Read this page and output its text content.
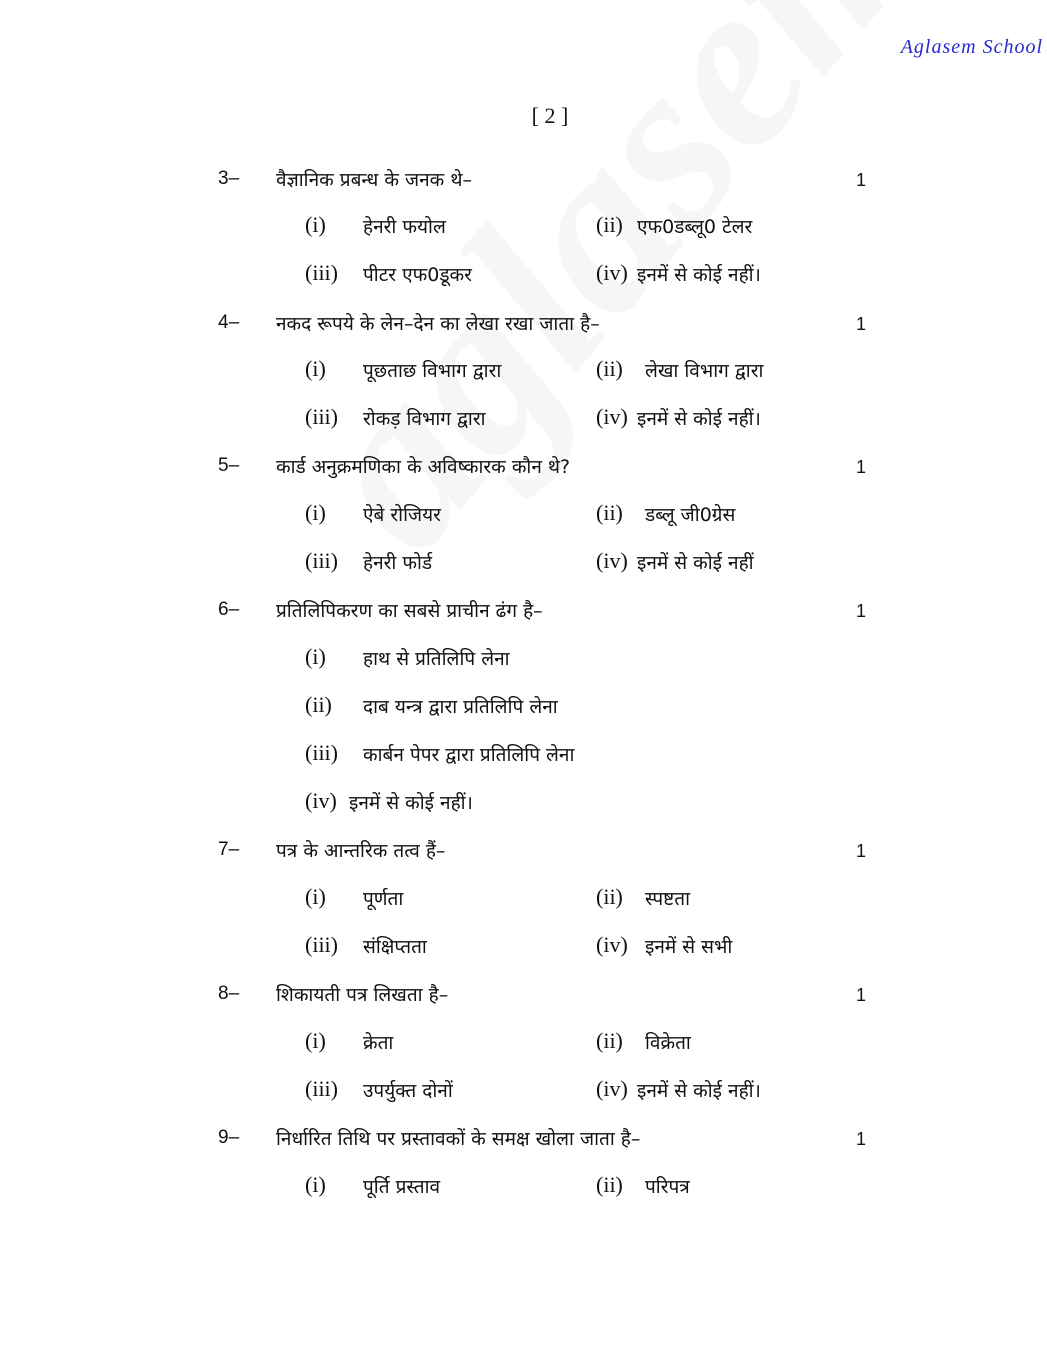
Aglasem School
[ 2 ]
3– वैज्ञानिक प्रबन्ध के जनक थे–	1
(i) हेनरी फयोल	(ii) एफ0डब्लू0 टेलर
(iii) पीटर एफ0डूकर	(iv) इनमें से कोई नहीं।
4– नकद रूपये के लेन–देन का लेखा रखा जाता है–	1
(i) पूछताछ विभाग द्वारा	(ii) लेखा विभाग द्वारा
(iii) रोकड़ विभाग द्वारा	(iv) इनमें से कोई नहीं।
5– कार्ड अनुक्रमणिका के अविष्कारक कौन थे?	1
(i) ऐबे रोजियर	(ii) डब्लू जी0ग्रेस
(iii) हेनरी फोर्ड	(iv) इनमें से कोई नहीं
6– प्रतिलिपिकरण का सबसे प्राचीन ढंग है–	1
(i) हाथ से प्रतिलिपि लेना
(ii) दाब यन्त्र द्वारा प्रतिलिपि लेना
(iii) कार्बन पेपर द्वारा प्रतिलिपि लेना
(iv) इनमें से कोई नहीं।
7– पत्र के आन्तरिक तत्व हैं–	1
(i) पूर्णता	(ii) स्पष्टता
(iii) संक्षिप्तता	(iv) इनमें से सभी
8– शिकायती पत्र लिखता है–	1
(i) क्रेता	(ii) विक्रेता
(iii) उपर्युक्त दोनों	(iv) इनमें से कोई नहीं।
9– निर्धारित तिथि पर प्रस्तावकों के समक्ष खोला जाता है–	1
(i) पूर्ति प्रस्ताव	(ii) परिपत्र
